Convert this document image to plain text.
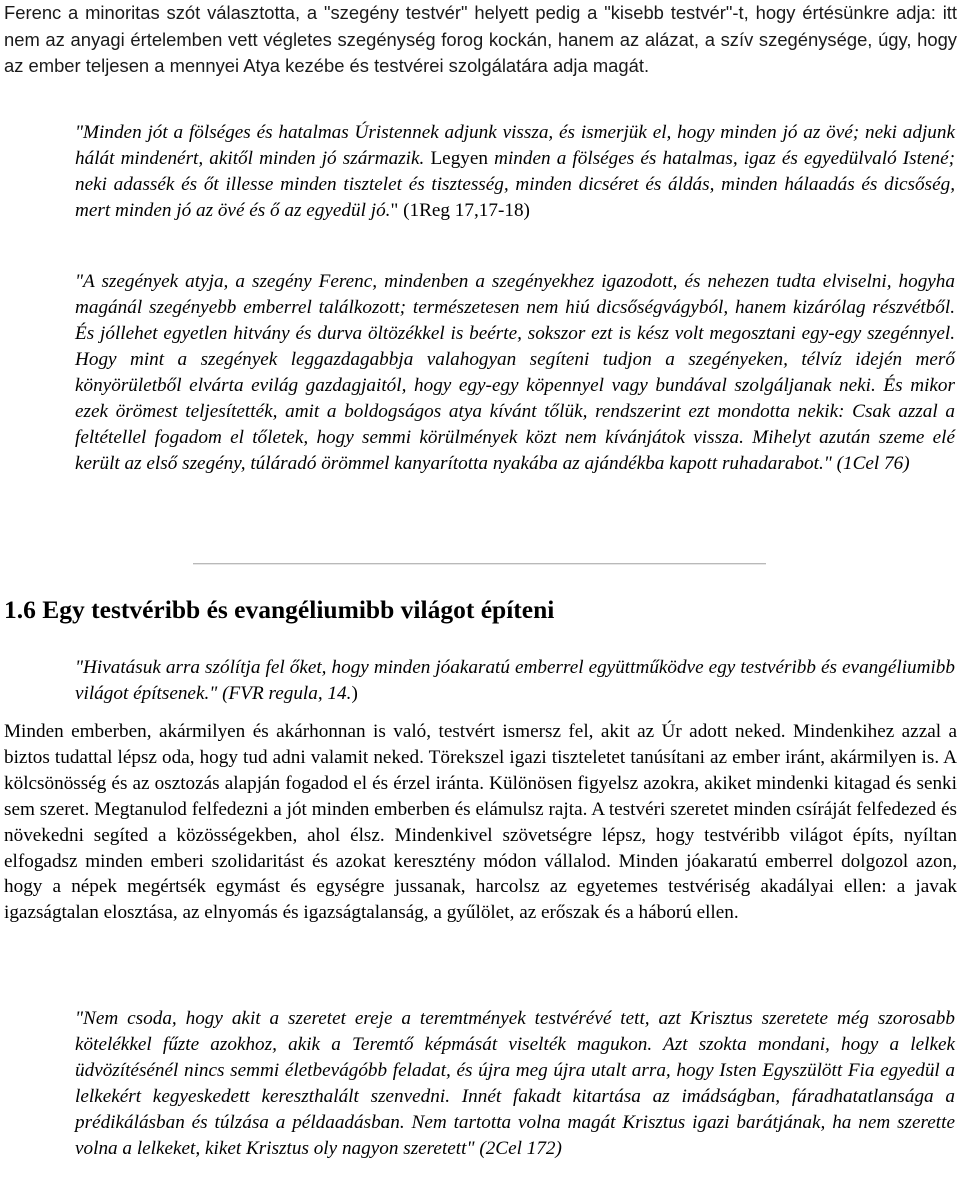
Ferenc a minoritas szót választotta, a "szegény testvér" helyett pedig a "kisebb testvér"-t, hogy értésünkre adja: itt nem az anyagi értelemben vett végletes szegénység forog kockán, hanem az alázat, a szív szegénysége, úgy, hogy az ember teljesen a mennyei Atya kezébe és testvérei szolgálatára adja magát.

"Minden jót a fölséges és hatalmas Úristennek adjunk vissza, és ismerjük el, hogy minden jó az övé; neki adjunk hálát mindenért, akitől minden jó származik. Legyen minden a fölséges és hatalmas, igaz és egyedülvaló Istené; neki adassék és őt illesse minden tisztelet és tisztesség, minden dicséret és áldás, minden hálaadás és dicsőség, mert minden jó az övé és ő az egyedül jó." (1Reg 17,17-18)

"A szegények atyja, a szegény Ferenc, mindenben a szegényekhez igazodott, és nehezen tudta elviselni, hogyha magánál szegényebb emberrel találkozott; természetesen nem hiú dicsőségvágyból, hanem kizárólag részvétből. És jóllehet egyetlen hitvány és durva öltözékkel is beérte, sokszor ezt is kész volt megosztani egy-egy szegénnyel. Hogy mint a szegények leggazdagabbja valahogyan segíteni tudjon a szegényeken, télvíz idején merő könyörületből elvárta evilág gazdagjaitól, hogy egy-egy köpennyel vagy bundával szolgáljanak neki. És mikor ezek örömest teljesítették, amit a boldogságos atya kívánt tőlük, rendszerint ezt mondotta nekik: Csak azzal a feltétellel fogadom el tőletek, hogy semmi körülmények közt nem kívánjátok vissza. Mihelyt azután szeme elé került az első szegény, túláradó örömmel kanyarította nyakába az ajándékba kapott ruhadarabot." (1Cel 76)

1.6 Egy testvéribb és evangéliumibb világot építeni

"Hivatásuk arra szólítja fel őket, hogy minden jóakaratú emberrel együttműködve egy testvéribb és evangéliumibb világot építsenek." (FVR regula, 14.)

Minden emberben, akármilyen és akárhonnan is való, testvért ismersz fel, akit az Úr adott neked. Mindenkihez azzal a biztos tudattal lépsz oda, hogy tud adni valamit neked. Törekszel igazi tiszteletet tanúsítani az ember iránt, akármilyen is. A kölcsönösség és az osztozás alapján fogadod el és érzel iránta. Különösen figyelsz azokra, akiket mindenki kitagad és senki sem szeret. Megtanulod felfedezni a jót minden emberben és elámulsz rajta. A testvéri szeretet minden csíráját felfedezed és növekedni segíted a közösségekben, ahol élsz. Mindenkivel szövetségre lépsz, hogy testvéribb világot építs, nyíltan elfogadsz minden emberi szolidaritást és azokat keresztény módon vállalod. Minden jóakaratú emberrel dolgozol azon, hogy a népek megértsék egymást és egységre jussanak, harcolsz az egyetemes testvériség akadályai ellen: a javak igazságtalan elosztása, az elnyomás és igazságtalanság, a gyűlölet, az erőszak és a háború ellen.

"Nem csoda, hogy akit a szeretet ereje a teremtmények testvérévé tett, azt Krisztus szeretete még szorosabb kötelékkel fűzte azokhoz, akik a Teremtő képmását viselték magukon. Azt szokta mondani, hogy a lelkek üdvözítésénél nincs semmi életbevágóbb feladat, és újra meg újra utalt arra, hogy Isten Egyszülött Fia egyedül a lelkekért kegyeskedett kereszthalált szenvedni. Innét fakadt kitartása az imádságban, fáradhatatlansága a prédikálásban és túlzása a példaadásban. Nem tartotta volna magát Krisztus igazi barátjának, ha nem szerette volna a lelkeket, kiket Krisztus oly nagyon szeretett" (2Cel 172)
